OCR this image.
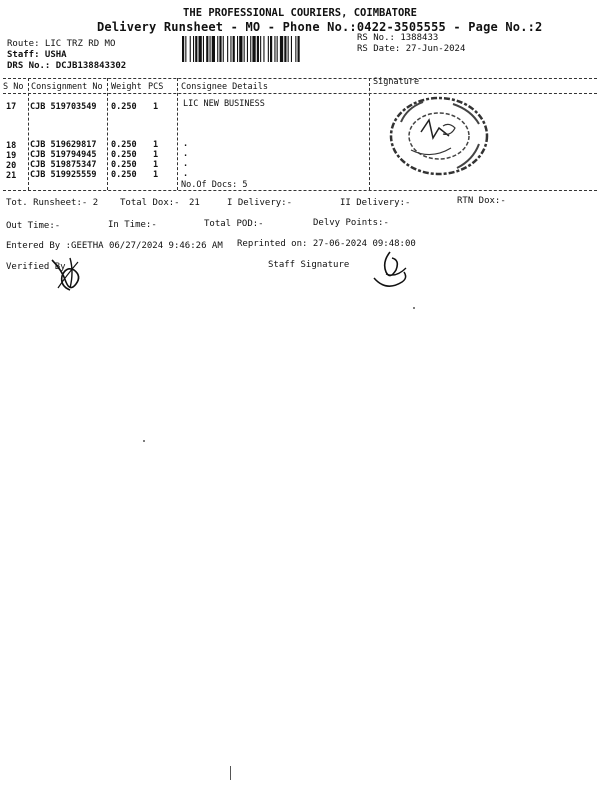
THE PROFESSIONAL COURIERS, COIMBATORE
Delivery Runsheet - MO - Phone No.:0422-3505555 - Page No.:2
Route: LIC TRZ RD MO
Staff: USHA
DRS No.: DCJB138843302
RS No.: 1388433
RS Date: 27-Jun-2024
S No Consignment No Weight PCS Consignee Details	Signature
17 CJB 519703549 0.250 1	LIC NEW BUSINESS
18 CJB 519629817 0.250 1	.
19 CJB 519794945 0.250 1	.
20 CJB 519875347 0.250 1	.
21 CJB 519925559 0.250 1	.
No.Of Docs: 5
Tot. Runsheet:- 2 Total Dox:- 21	I Delivery:-	II Delivery:-	RTN Dox:-
Out Time:-	In Time:-	Total POD:-	Delvy Points:-
Entered By :GEETHA 06/27/2024 9:46:26 AM Reprinted on: 27-06-2024 09:48:00
Verified By	Staff Signature
